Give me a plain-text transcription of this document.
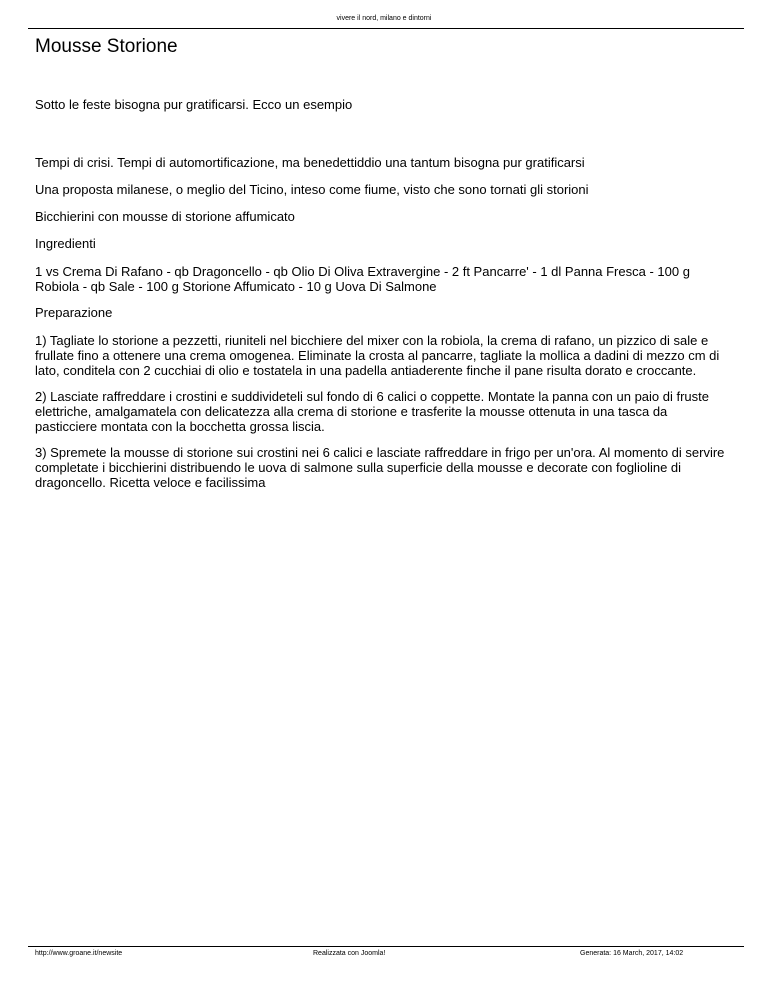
vivere il nord, milano e dintorni
Mousse Storione

Sotto le feste bisogna pur gratificarsi. Ecco un esempio

Tempi di crisi. Tempi di automortificazione, ma benedettiddio una tantum bisogna pur gratificarsi

Una proposta milanese, o meglio del Ticino, inteso come fiume, visto che sono tornati gli storioni

Bicchierini con mousse di storione affumicato

Ingredienti

1 vs Crema Di Rafano - qb Dragoncello - qb Olio Di Oliva Extravergine - 2 ft Pancarre' - 1 dl Panna Fresca - 100 g Robiola - qb Sale - 100 g Storione Affumicato - 10 g Uova Di Salmone

Preparazione

1) Tagliate lo storione a pezzetti, riuniteli nel bicchiere del mixer con la robiola, la crema di rafano, un pizzico di sale e frullate fino a ottenere una crema omogenea. Eliminate la crosta al pancarre, tagliate la mollica a dadini di mezzo cm di lato, conditela con 2 cucchiai di olio e tostatela in una padella antiaderente finche il pane risulta dorato e croccante.

2) Lasciate raffreddare i crostini e suddivideteli sul fondo di 6 calici o coppette. Montate la panna con un paio di fruste elettriche, amalgamatela con delicatezza alla crema di storione e trasferite la mousse ottenuta in una tasca da pasticciere montata con la bocchetta grossa liscia.

3) Spremete la mousse di storione sui crostini nei 6 calici e lasciate raffreddare in frigo per un'ora. Al momento di servire completate i bicchierini distribuendo le uova di salmone sulla superficie della mousse e decorate con foglioline di dragoncello. Ricetta veloce e facilissima

http://www.groane.it/newsite	Realizzata con Joomla!	Generata: 16 March, 2017, 14:02
